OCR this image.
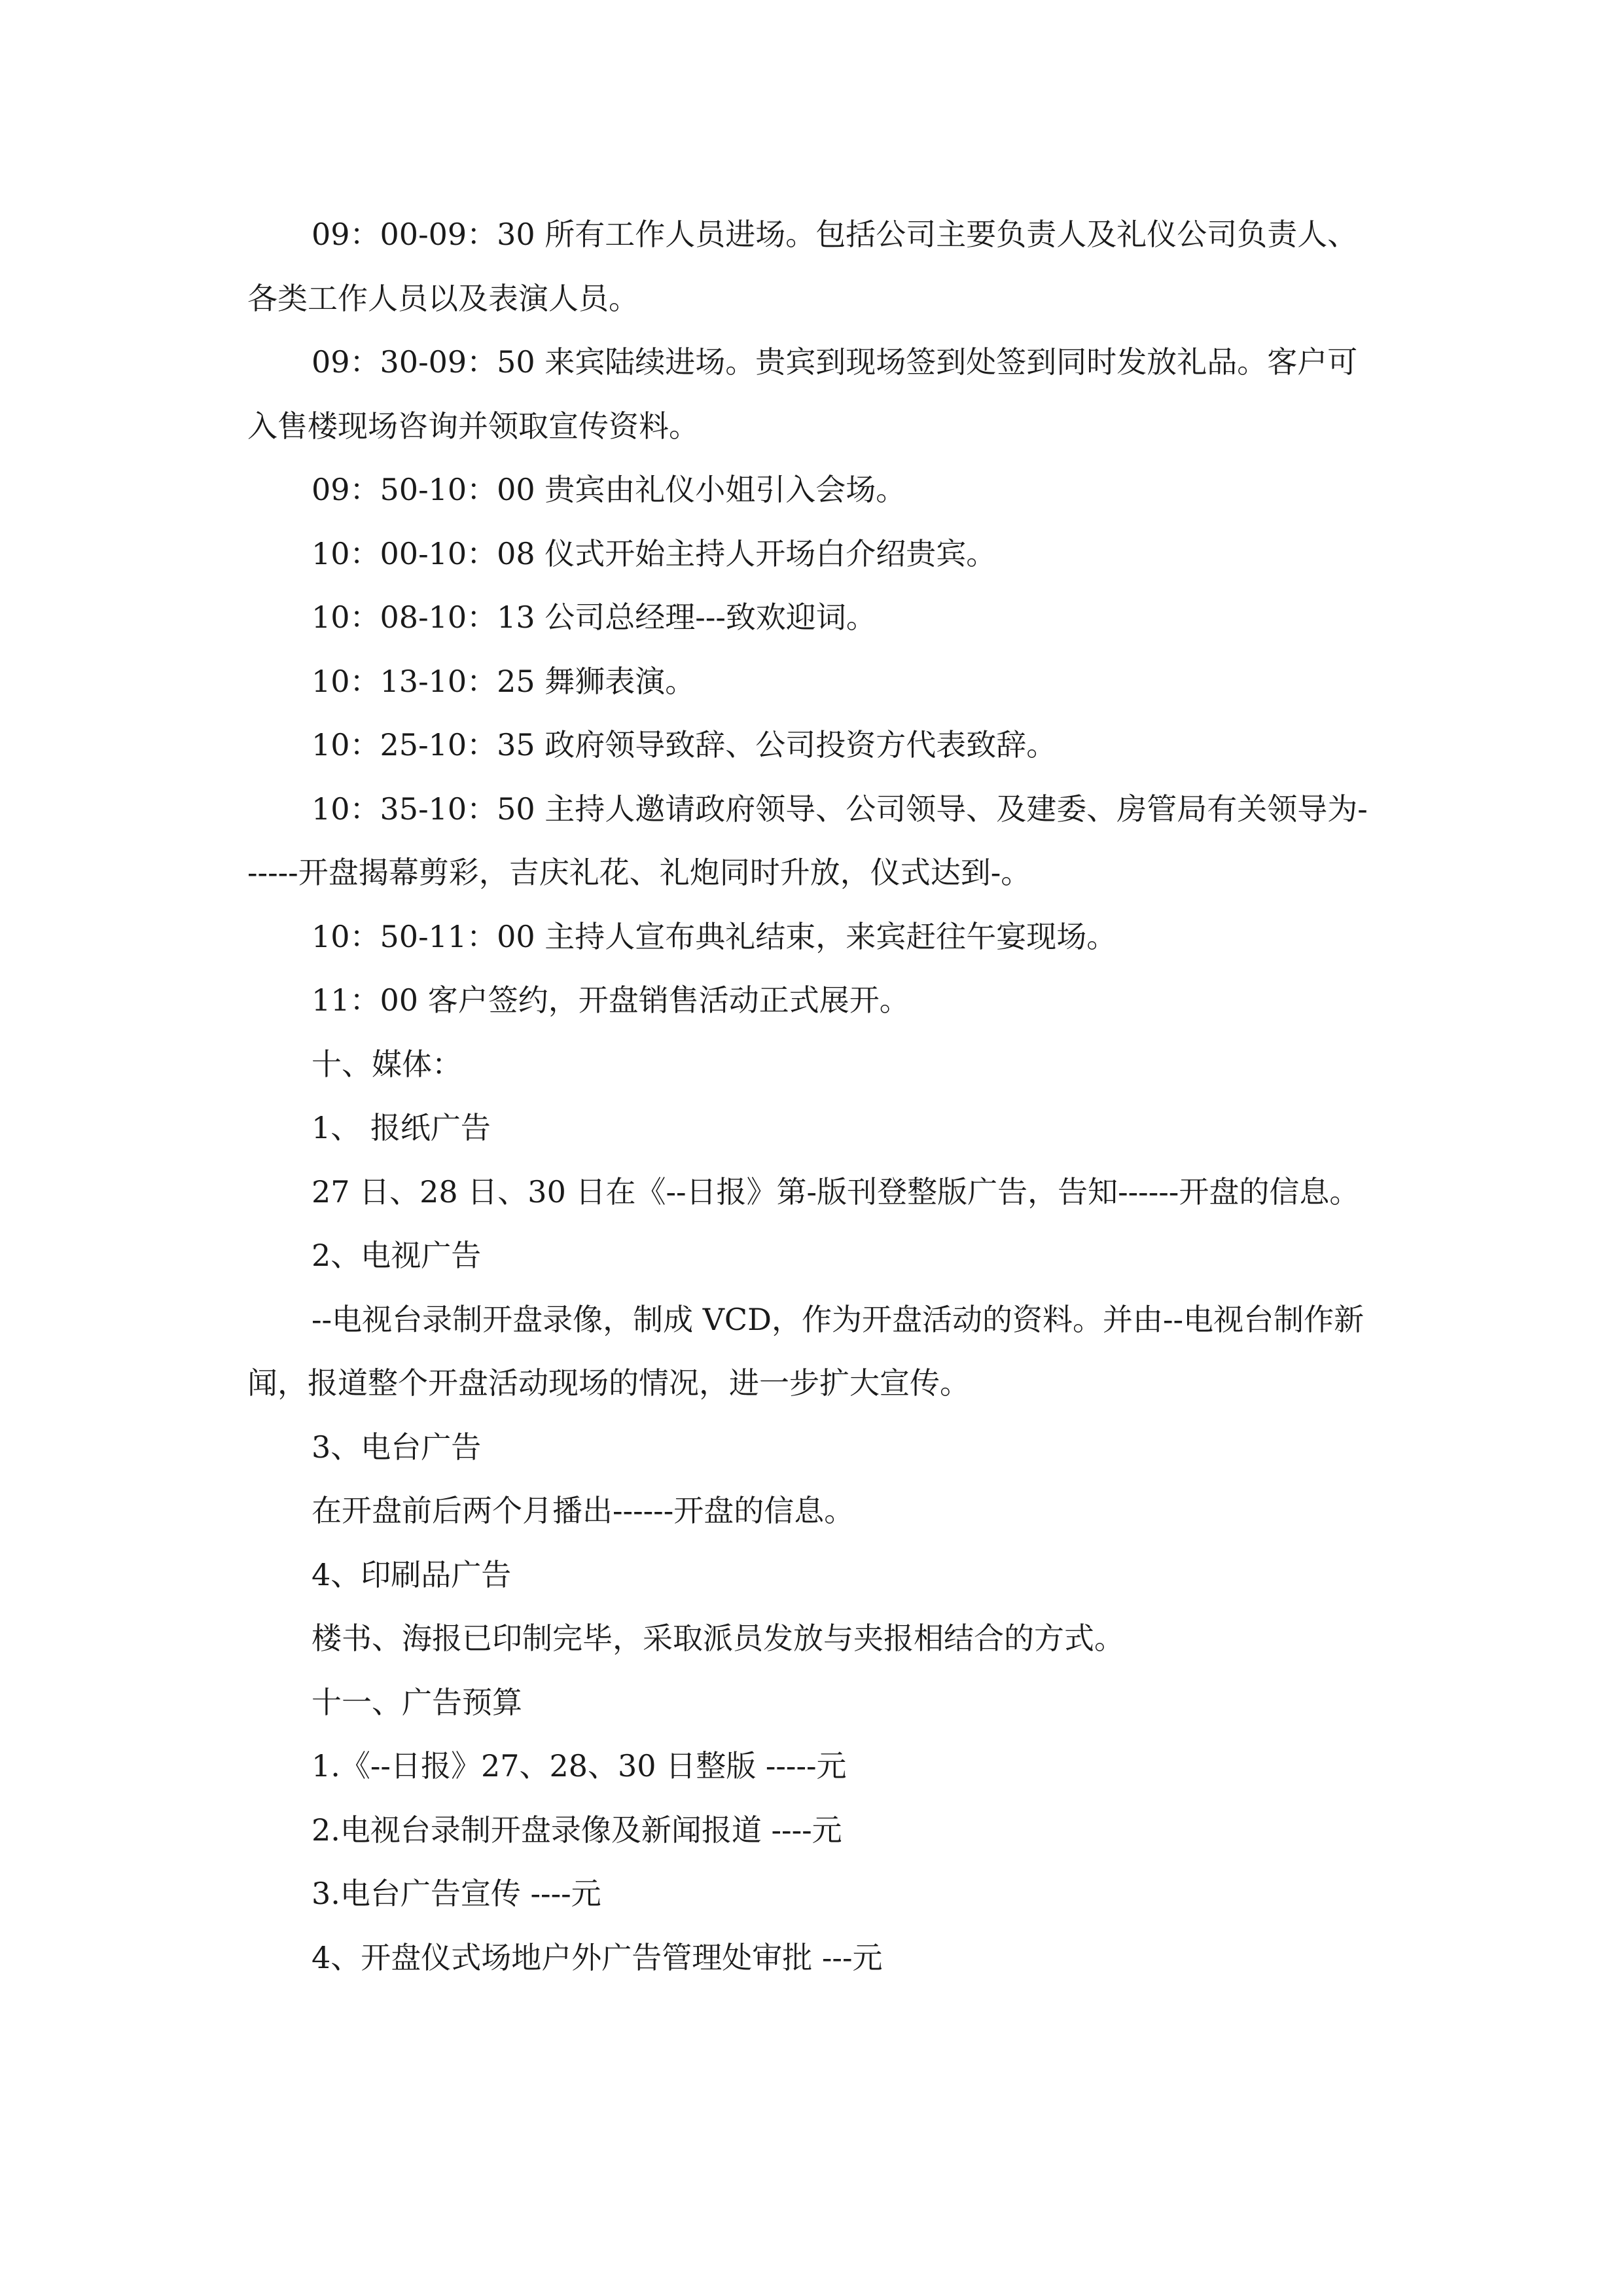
09：00-09：30 所有工作人员进场。包括公司主要负责人及礼仪公司负责人、各类工作人员以及表演人员。

09：30-09：50 来宾陆续进场。贵宾到现场签到处签到同时发放礼品。客户可入售楼现场咨询并领取宣传资料。

09：50-10：00 贵宾由礼仪小姐引入会场。

10：00-10：08 仪式开始主持人开场白介绍贵宾。

10：08-10：13 公司总经理---致欢迎词。

10：13-10：25 舞狮表演。

10：25-10：35 政府领导致辞、公司投资方代表致辞。

10：35-10：50 主持人邀请政府领导、公司领导、及建委、房管局有关领导为------开盘揭幕剪彩，吉庆礼花、礼炮同时升放，仪式达到-。

10：50-11：00 主持人宣布典礼结束，来宾赶往午宴现场。

11：00 客户签约，开盘销售活动正式展开。

十、媒体：

1、 报纸广告

27 日、28 日、30 日在《--日报》第-版刊登整版广告，告知------开盘的信息。

2、电视广告

--电视台录制开盘录像，制成 VCD，作为开盘活动的资料。并由--电视台制作新闻，报道整个开盘活动现场的情况，进一步扩大宣传。

3、电台广告

在开盘前后两个月播出------开盘的信息。

4、印刷品广告

楼书、海报已印制完毕，采取派员发放与夹报相结合的方式。

十一、广告预算

1.《--日报》27、28、30 日整版 -----元

2.电视台录制开盘录像及新闻报道 ----元

3.电台广告宣传 ----元

4、开盘仪式场地户外广告管理处审批 ---元
